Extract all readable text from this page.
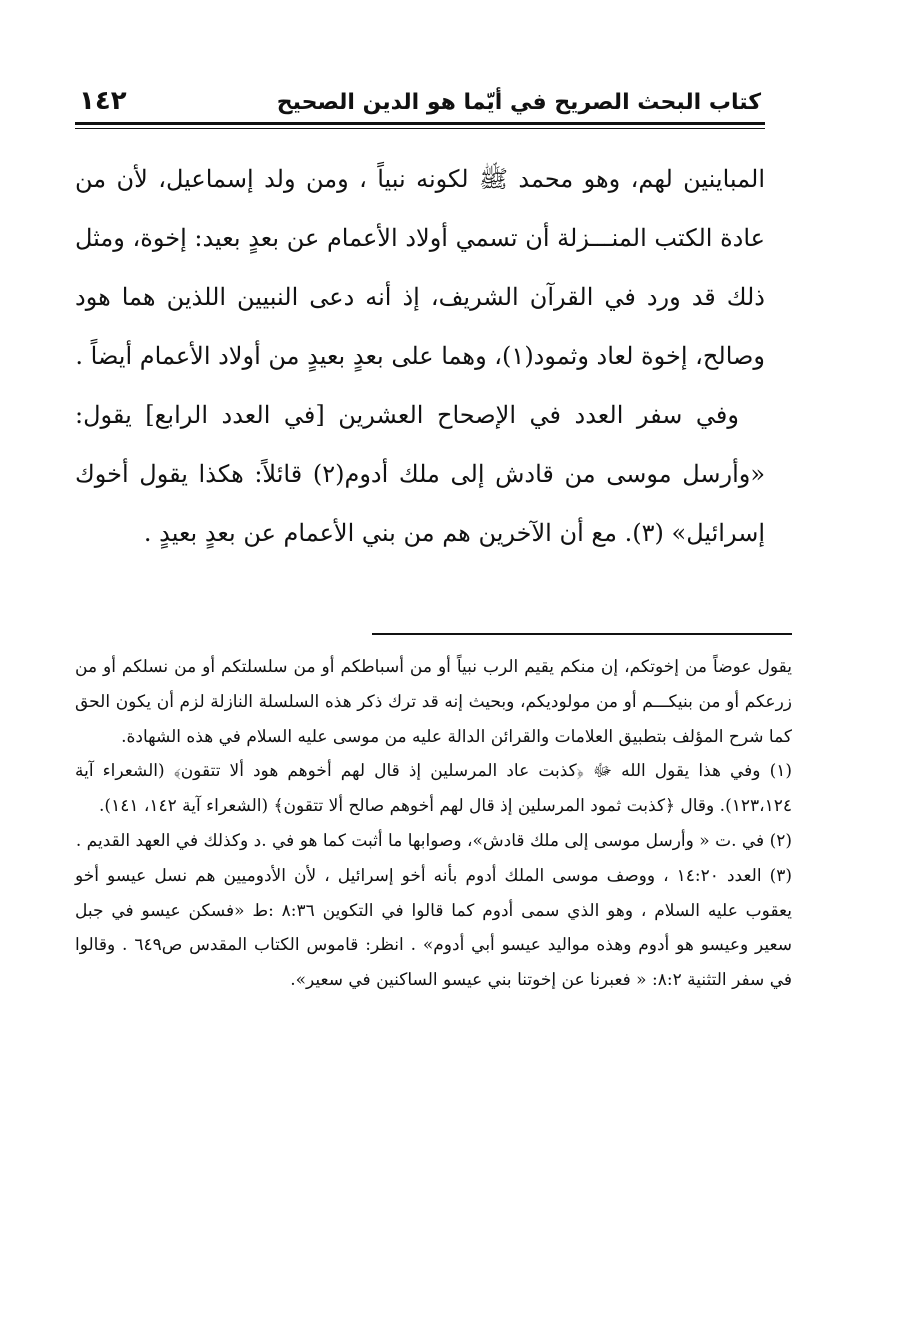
كتاب البحث الصريح في أيّما هو الدين الصحيح
١٤٢

المباينين لهم، وهو محمد ﷺ لكونه نبياً ، ومن ولد إسماعيل، لأن من عادة الكتب المنـــزلة أن تسمي أولاد الأعمام عن بعدٍ بعيد: إخوة، ومثل ذلك قد ورد في القرآن الشريف، إذ أنه دعى النبيين اللذين هما هود وصالح، إخوة لعاد وثمود(١)، وهما على بعدٍ بعيدٍ من أولاد الأعمام أيضاً .

وفي سفر العدد في الإصحاح العشرين [في العدد الرابع] يقول: «وأرسل موسى من قادش إلى ملك أدوم(٢) قائلاً: هكذا يقول أخوك إسرائيل» (٣). مع أن الآخرين هم من بني الأعمام عن بعدٍ بعيدٍ .

يقول عوضاً من إخوتكم، إن منكم يقيم الرب نبياً أو من أسباطكم أو من سلسلتكم أو من نسلكم أو من زرعكم أو من بنيكـــم أو من مولوديكم، وبحيث إنه قد ترك ذكر هذه السلسلة النازلة لزم أن يكون الحق كما شرح المؤلف بتطبيق العلامات والقرائن الدالة عليه من موسى عليه السلام في هذه الشهادة.

(١) وفي هذا يقول الله ﷻ ﴿كذبت عاد المرسلين إذ قال لهم أخوهم هود ألا تتقون﴾ (الشعراء آية ١٢٣،١٢٤). وقال ﴿كذبت ثمود المرسلين إذ قال لهم أخوهم صالح ألا تتقون﴾ (الشعراء آية ١٤٢، ١٤١).

(٢) في .ت « وأرسل موسى إلى ملك قادش»، وصوابها ما أثبت كما هو في .د وكذلك في العهد القديم .

(٣) العدد ١٤:٢٠ ، ووصف موسى الملك أدوم بأنه أخو إسرائيل ، لأن الأدوميين هم نسل عيسو أخو يعقوب عليه السلام ، وهو الذي سمى أدوم كما قالوا في التكوين ٨:٣٦ :ط «فسكن عيسو في جبل سعير وعيسو هو أدوم وهذه مواليد عيسو أبي أدوم» . انظر: قاموس الكتاب المقدس ص٦٤٩ . وقالوا في سفر التثنية ٨:٢: « فعبرنا عن إخوتنا بني عيسو الساكنين في سعير».
